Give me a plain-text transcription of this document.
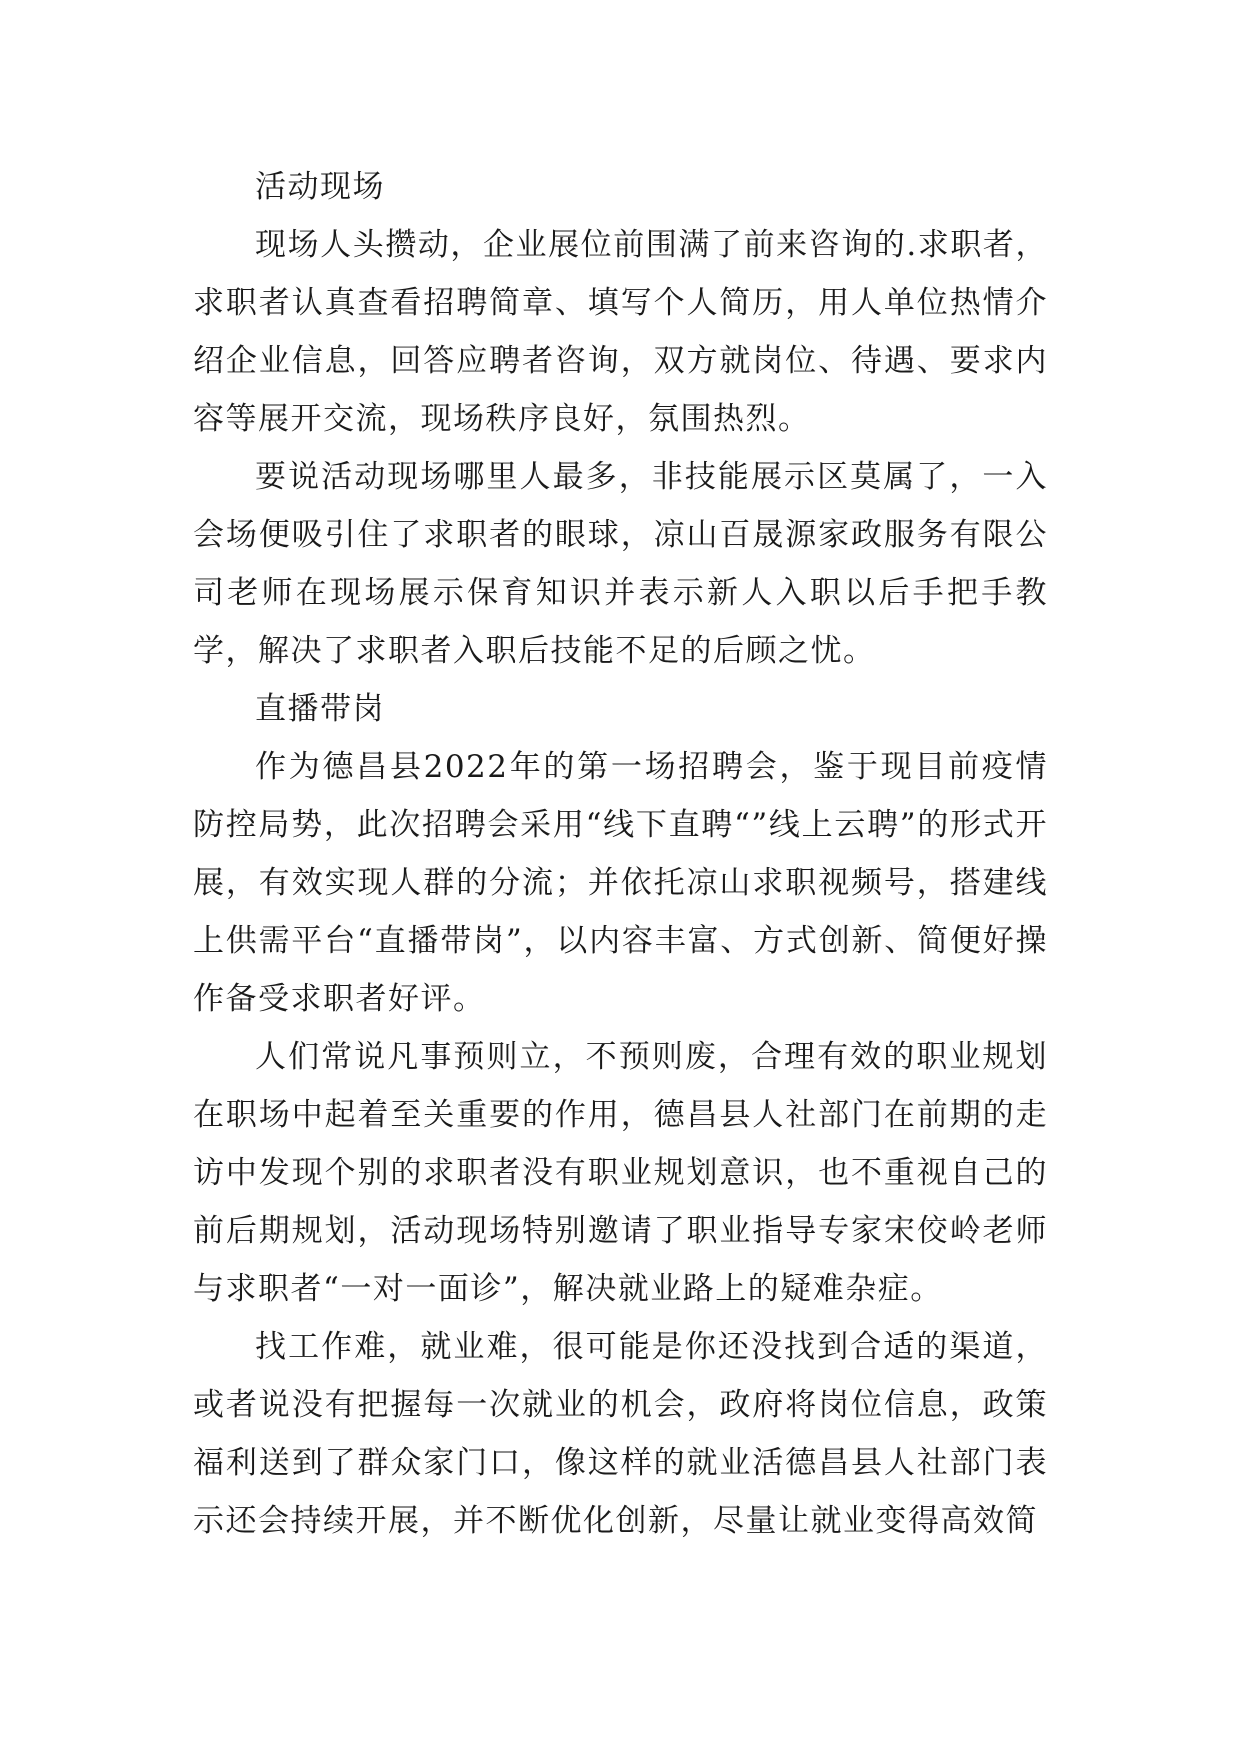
活动现场

现场人头攒动，企业展位前围满了前来咨询的.求职者，求职者认真查看招聘简章、填写个人简历，用人单位热情介绍企业信息，回答应聘者咨询，双方就岗位、待遇、要求内容等展开交流，现场秩序良好，氛围热烈。

要说活动现场哪里人最多，非技能展示区莫属了，一入会场便吸引住了求职者的眼球，凉山百晟源家政服务有限公司老师在现场展示保育知识并表示新人入职以后手把手教学，解决了求职者入职后技能不足的后顾之忧。

直播带岗

作为德昌县2022年的第一场招聘会，鉴于现目前疫情防控局势，此次招聘会采用“线下直聘“”线上云聘”的形式开展，有效实现人群的分流；并依托凉山求职视频号，搭建线上供需平台“直播带岗”，以内容丰富、方式创新、简便好操作备受求职者好评。

人们常说凡事预则立，不预则废，合理有效的职业规划在职场中起着至关重要的作用，德昌县人社部门在前期的走访中发现个别的求职者没有职业规划意识，也不重视自己的前后期规划，活动现场特别邀请了职业指导专家宋佼岭老师与求职者“一对一面诊”，解决就业路上的疑难杂症。

找工作难，就业难，很可能是你还没找到合适的渠道，或者说没有把握每一次就业的机会，政府将岗位信息，政策福利送到了群众家门口，像这样的就业活德昌县人社部门表示还会持续开展，并不断优化创新，尽量让就业变得高效简
